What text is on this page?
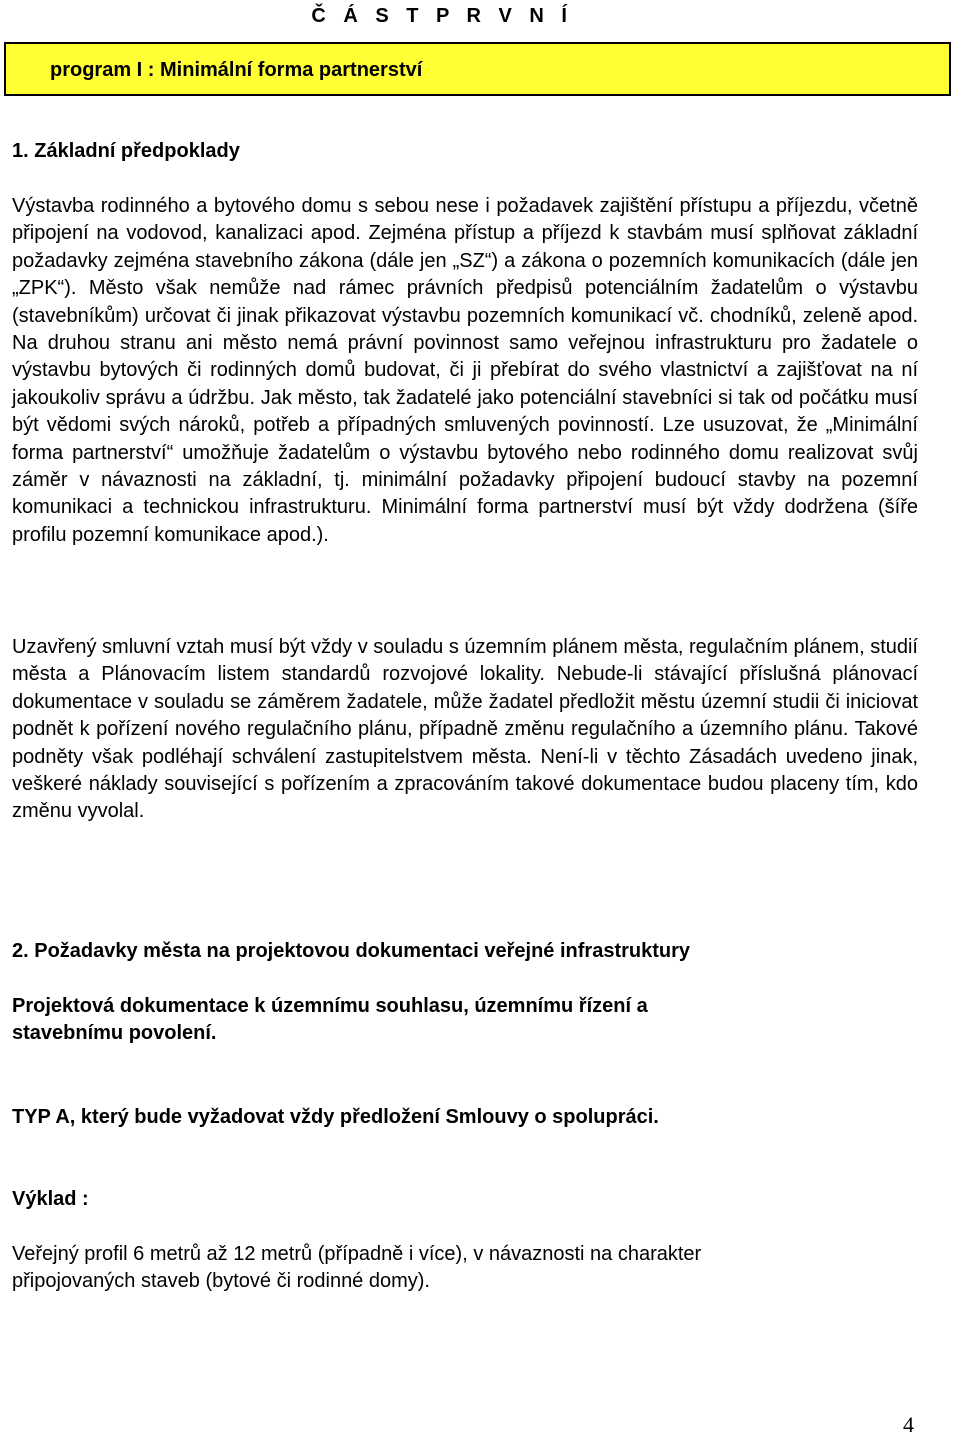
Č Á S T P R V N Í
program I : Minimální forma partnerství
1. Základní předpoklady

Výstavba rodinného a bytového domu s sebou nese i požadavek zajištění přístupu a příjezdu, včetně připojení na vodovod, kanalizaci apod. Zejména přístup a příjezd k stavbám musí splňovat základní požadavky zejména stavebního zákona (dále jen „SZ“) a zákona o pozemních komunikacích (dále jen „ZPK“). Město však nemůže nad rámec právních předpisů potenciálním žadatelům o výstavbu (stavebníkům) určovat či jinak přikazovat výstavbu pozemních komunikací vč. chodníků, zeleně apod. Na druhou stranu ani město nemá právní povinnost samo veřejnou infrastrukturu pro žadatele o výstavbu bytových či rodinných domů budovat, či ji přebírat do svého vlastnictví a zajišťovat na ní jakoukoliv správu a údržbu. Jak město, tak žadatelé jako potenciální stavebníci si tak od počátku musí být vědomi svých nároků, potřeb a případných smluvených povinností. Lze usuzovat, že „Minimální forma partnerství“ umožňuje žadatelům o výstavbu bytového nebo rodinného domu realizovat svůj záměr v návaznosti na základní, tj. minimální požadavky připojení budoucí stavby na pozemní komunikaci a technickou infrastrukturu. Minimální forma partnerství musí být vždy dodržena (šíře profilu pozemní komunikace apod.).

Uzavřený smluvní vztah musí být vždy v souladu s územním plánem města, regulačním plánem, studií města a Plánovacím listem standardů rozvojové lokality. Nebude-li stávající příslušná plánovací dokumentace v souladu se záměrem žadatele, může žadatel předložit městu územní studii či iniciovat podnět k pořízení nového regulačního plánu, případně změnu regulačního a územního plánu. Takové podněty však podléhají schválení zastupitelstvem města. Není-li v těchto Zásadách uvedeno jinak, veškeré náklady související s pořízením a zpracováním takové dokumentace budou placeny tím, kdo změnu vyvolal.

2. Požadavky města na projektovou dokumentaci veřejné infrastruktury
Projektová dokumentace k územnímu souhlasu, územnímu řízení a
stavebnímu povolení.
TYP A, který bude vyžadovat vždy předložení Smlouvy o spolupráci.
Výklad :
Veřejný profil 6 metrů až 12 metrů (případně i více), v návaznosti na charakter
připojovaných staveb (bytové či rodinné domy).
4
